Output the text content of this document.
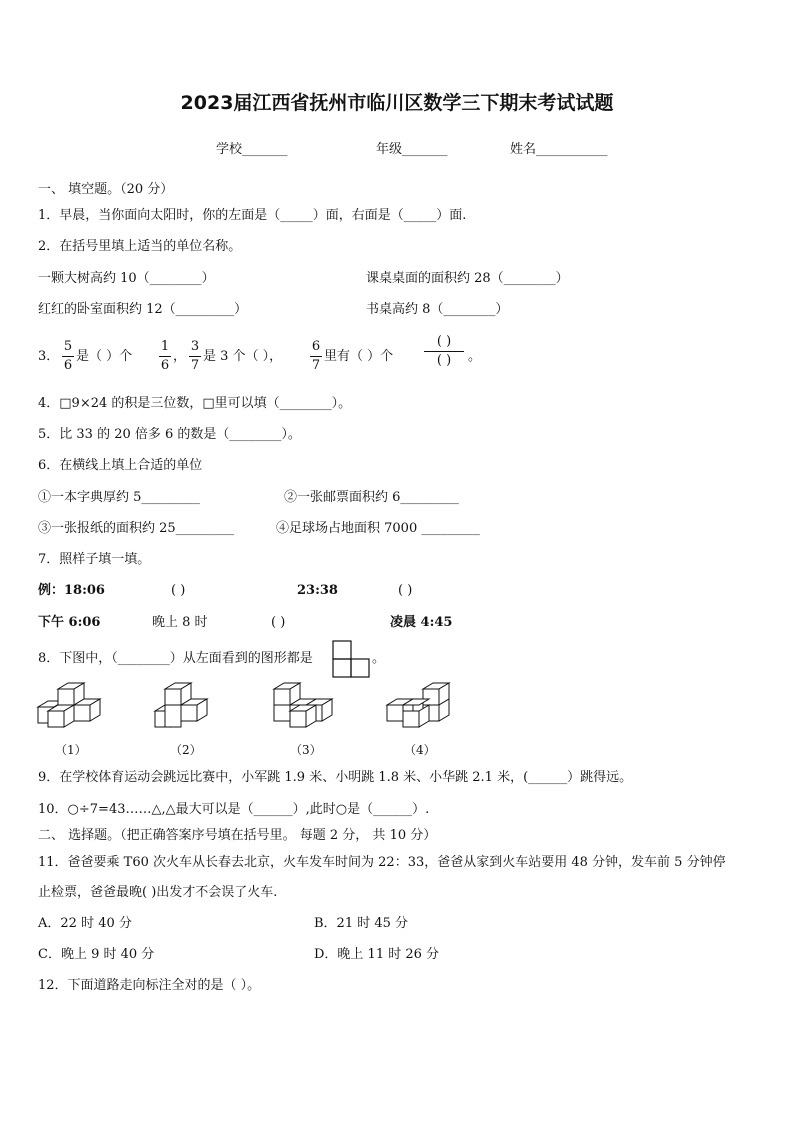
2023届江西省抚州市临川区数学三下期末考试试题
学校_______	年级_______	姓名___________
一、 填空题。（20 分）
1．早晨，当你面向太阳时，你的左面是（_____）面，右面是（_____）面.
2．在括号里填上适当的单位名称。
一颗大树高约 10（________）	课桌桌面的面积约 28（________）
红红的卧室面积约 12（_________）	书桌高约 8（________）
3．
5
6
是（ ）个
1
6
，
3
7
是 3 个（ ），
6
7
里有（ ）个
( )
( )	。
4．□9×24 的积是三位数，□里可以填（________）。
5．比 33 的 20 倍多 6 的数是（________）。
6．在横线上填上合适的单位
①一本字典厚约 5_________	②一张邮票面积约 6_________
③一张报纸的面积约 25_________	④足球场占地面积 7000 _________
7．照样子填一填。
例：18:06	( )	23:38	( )
下午 6:06	晚上 8 时	( )	凌晨 4:45
8．下图中，（________）从左面看到的图形都是	。
（1）	（2）	（3）	（4）
9．在学校体育运动会跳远比赛中，小军跳 1.9 米、小明跳 1.8 米、小华跳 2.1 米，(______）跳得远。
10．○÷7=43……△,△最大可以是（______）,此时○是（______）.
二、 选择题。（把正确答案序号填在括号里。 每题 2 分， 共 10 分）
11．爸爸要乘 T60 次火车从长春去北京，火车发车时间为 22：33，爸爸从家到火车站要用 48 分钟，发车前 5 分钟停
止检票，爸爸最晚( )出发才不会误了火车.
A．22 时 40 分	B．21 时 45 分
C．晚上 9 时 40 分	D．晚上 11 时 26 分
12．下面道路走向标注全对的是（ ）。
